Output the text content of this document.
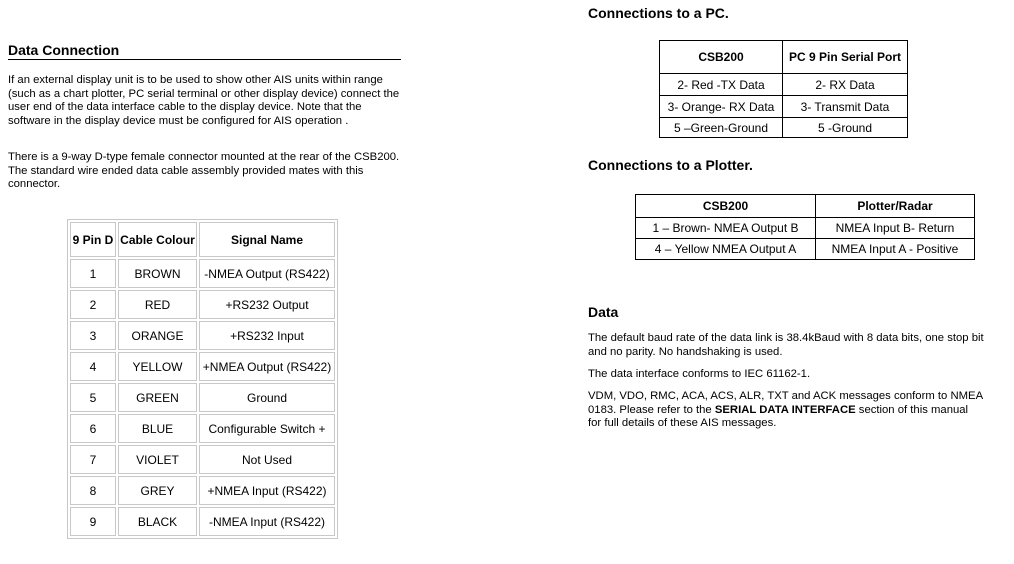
Data Connection
If an external display unit is to be used to show other AIS units within range (such as a chart plotter, PC serial terminal or other display device) connect the user end of the data interface cable to the display device. Note that the software in the display device must be configured for AIS operation .
There is a 9-way D-type female connector mounted at the rear of the CSB200. The standard wire ended data cable assembly provided mates with this connector.
9 Pin D	Cable Colour	Signal Name
1	BROWN	-NMEA Output (RS422)
2	RED	+RS232 Output
3	ORANGE	+RS232 Input
4	YELLOW	+NMEA Output (RS422)
5	GREEN	Ground
6	BLUE	Configurable Switch +
7	VIOLET	Not Used
8	GREY	+NMEA Input (RS422)
9	BLACK	-NMEA Input (RS422)
Connections to a PC.
CSB200	PC 9 Pin Serial Port
2- Red -TX Data	2- RX Data
3- Orange- RX Data	3- Transmit Data
5 –Green-Ground	5 -Ground
Connections to a Plotter.
CSB200	Plotter/Radar
1 – Brown- NMEA Output B	NMEA Input B- Return
4 – Yellow NMEA Output A	NMEA Input A - Positive
Data
The default baud rate of the data link is 38.4kBaud with 8 data bits, one stop bit and no parity. No handshaking is used.
The data interface conforms to IEC 61162-1.
VDM, VDO, RMC, ACA, ACS, ALR, TXT and ACK messages conform to NMEA 0183. Please refer to the SERIAL DATA INTERFACE section of this manual for full details of these AIS messages.
